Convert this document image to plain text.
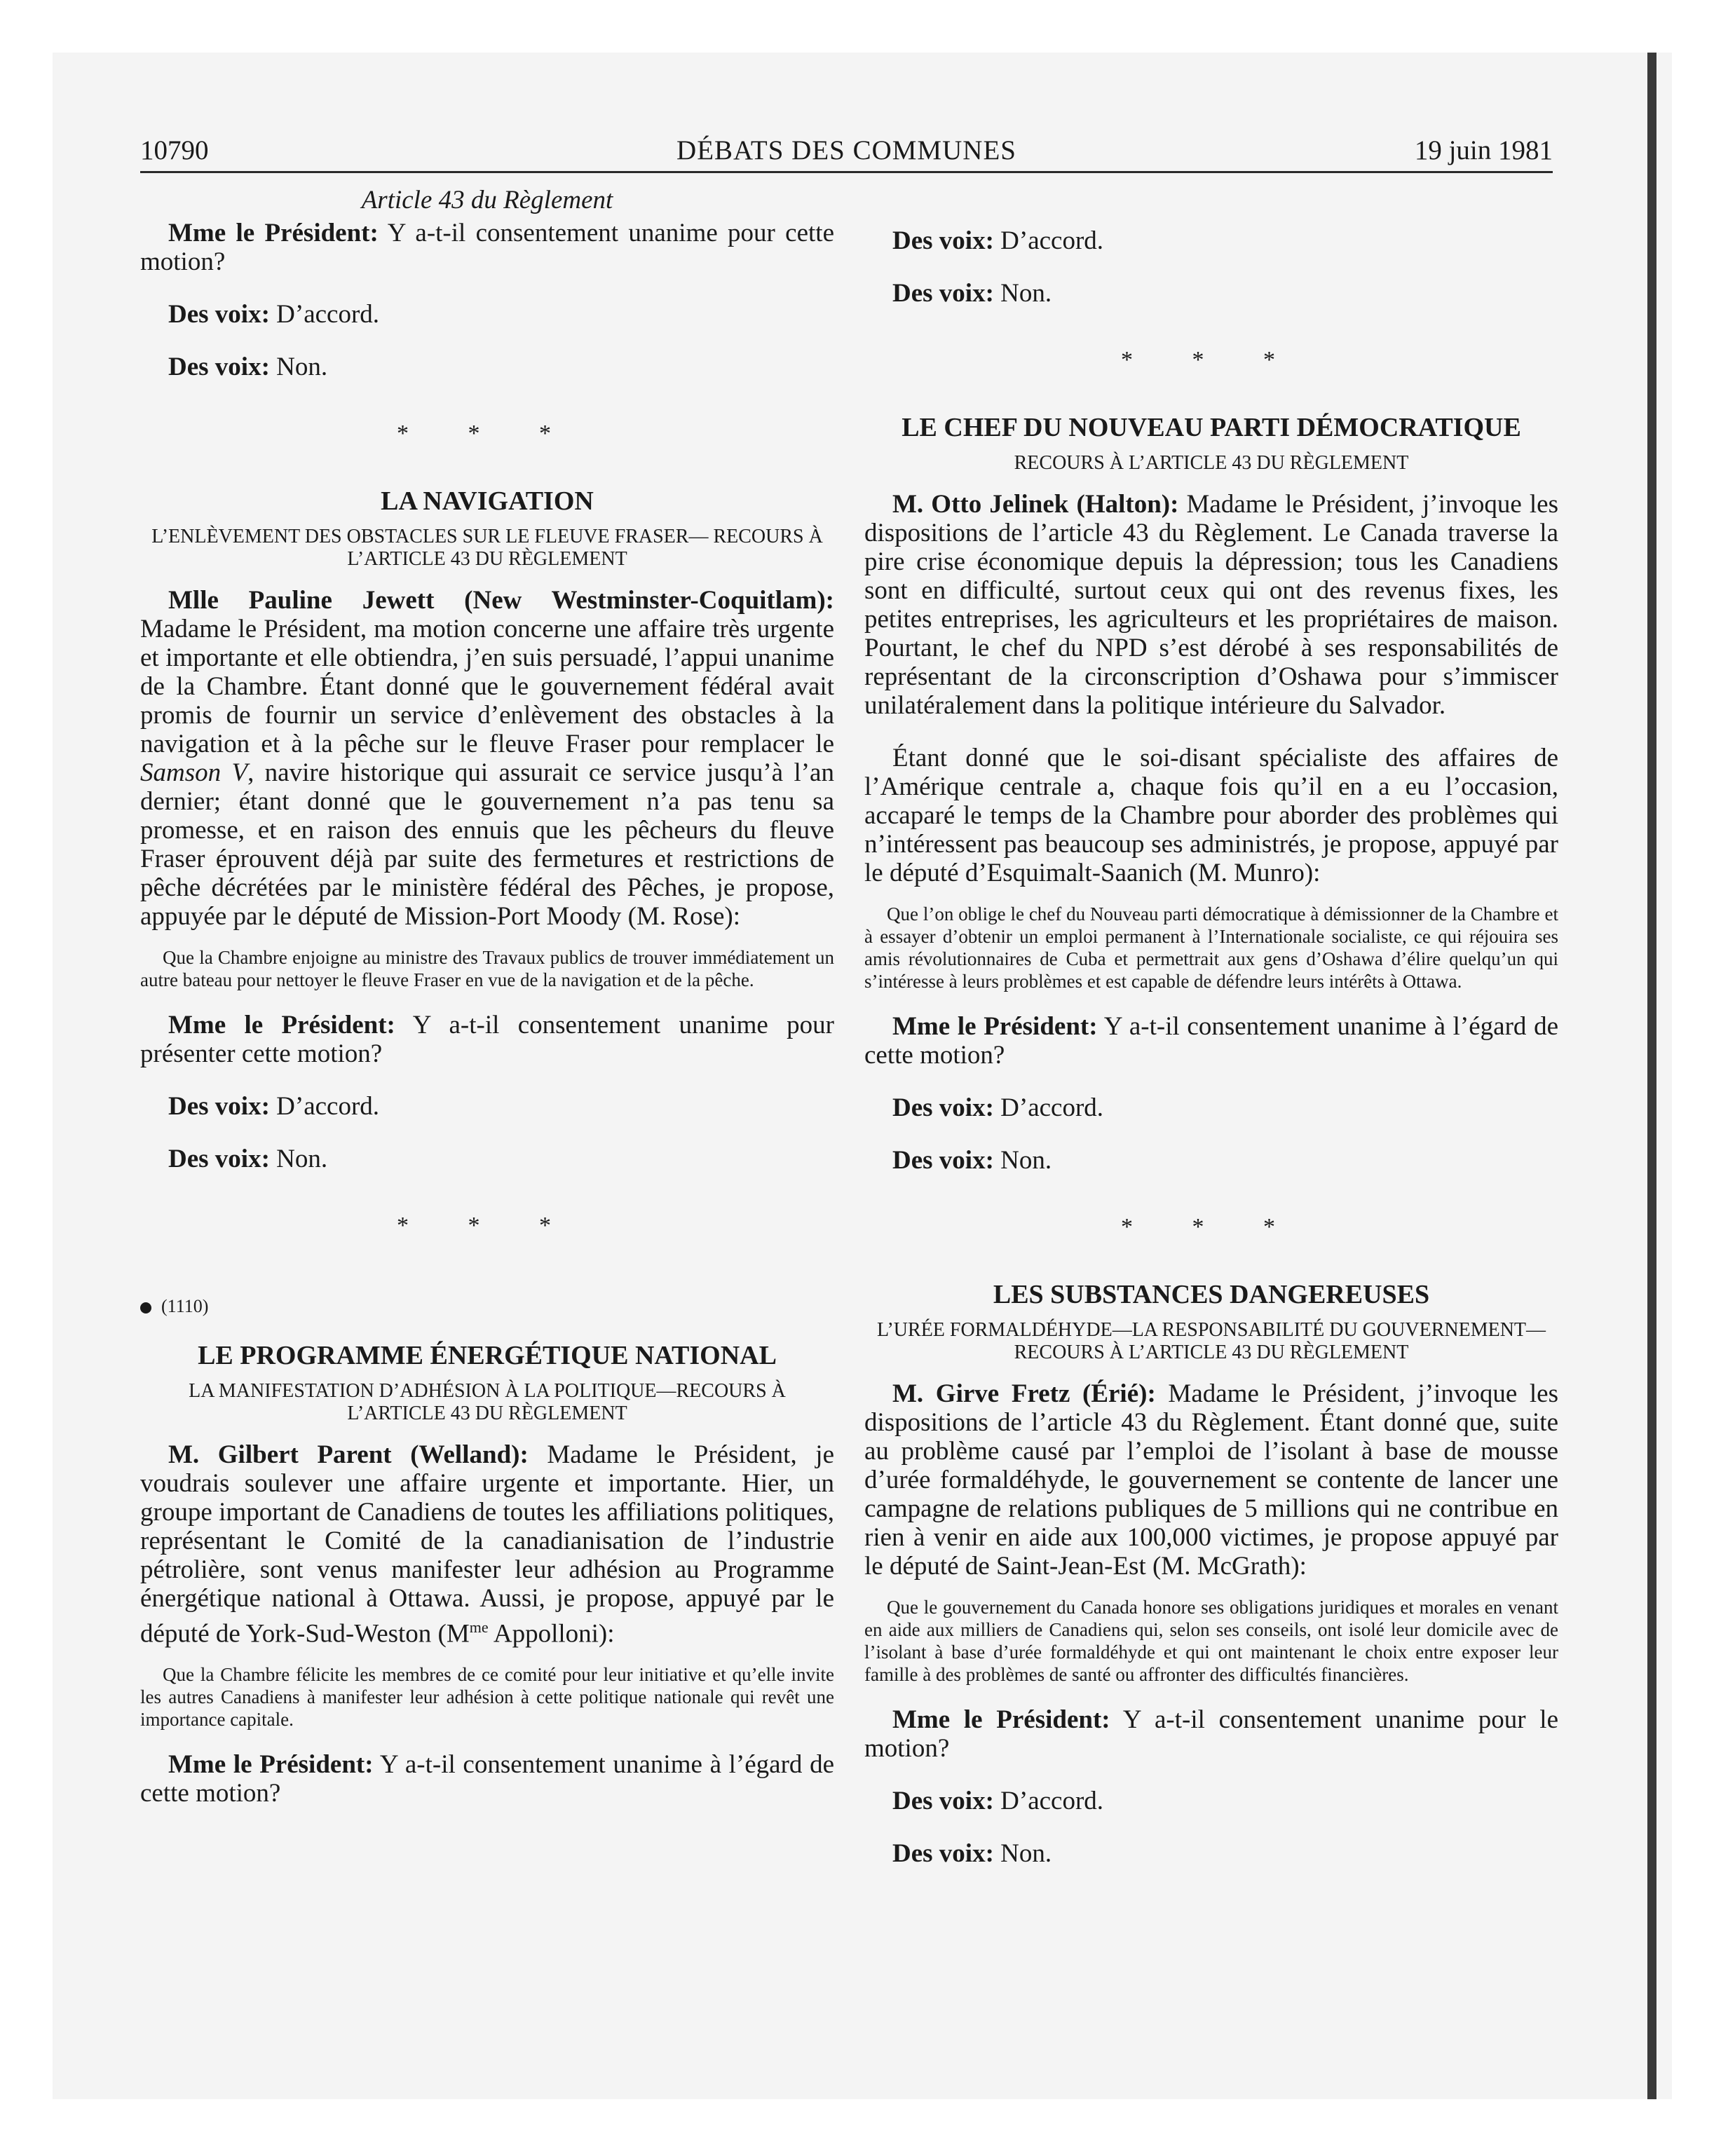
10790	DÉBATS DES COMMUNES	19 juin 1981

Article 43 du Règlement

Mme le Président: Y a-t-il consentement unanime pour cette motion?

Des voix: D’accord.

Des voix: Non.

* * *

LA NAVIGATION
L’ENLÈVEMENT DES OBSTACLES SUR LE FLEUVE FRASER— RECOURS À L’ARTICLE 43 DU RÈGLEMENT

Mlle Pauline Jewett (New Westminster-Coquitlam): Madame le Président, ma motion concerne une affaire très urgente et importante et elle obtiendra, j’en suis persuadé, l’appui unanime de la Chambre. Étant donné que le gouvernement fédéral avait promis de fournir un service d’enlèvement des obstacles à la navigation et à la pêche sur le fleuve Fraser pour remplacer le Samson V, navire historique qui assurait ce service jusqu’à l’an dernier; étant donné que le gouvernement n’a pas tenu sa promesse, et en raison des ennuis que les pêcheurs du fleuve Fraser éprouvent déjà par suite des fermetures et restrictions de pêche décrétées par le ministère fédéral des Pêches, je propose, appuyée par le député de Mission-Port Moody (M. Rose):

Que la Chambre enjoigne au ministre des Travaux publics de trouver immédiatement un autre bateau pour nettoyer le fleuve Fraser en vue de la navigation et de la pêche.

Mme le Président: Y a-t-il consentement unanime pour présenter cette motion?

Des voix: D’accord.

Des voix: Non.

* * *

(1110)

LE PROGRAMME ÉNERGÉTIQUE NATIONAL
LA MANIFESTATION D’ADHÉSION À LA POLITIQUE—RECOURS À L’ARTICLE 43 DU RÈGLEMENT

M. Gilbert Parent (Welland): Madame le Président, je voudrais soulever une affaire urgente et importante. Hier, un groupe important de Canadiens de toutes les affiliations politiques, représentant le Comité de la canadianisation de l’industrie pétrolière, sont venus manifester leur adhésion au Programme énergétique national à Ottawa. Aussi, je propose, appuyé par le député de York-Sud-Weston ($M^{me}$ Appolloni):

Que la Chambre félicite les membres de ce comité pour leur initiative et qu’elle invite les autres Canadiens à manifester leur adhésion à cette politique nationale qui revêt une importance capitale.

Mme le Président: Y a-t-il consentement unanime à l’égard de cette motion?

Des voix: D’accord.

Des voix: Non.

* * *

LE CHEF DU NOUVEAU PARTI DÉMOCRATIQUE
RECOURS À L’ARTICLE 43 DU RÈGLEMENT

M. Otto Jelinek (Halton): Madame le Président, j’invoque les dispositions de l’article 43 du Règlement. Le Canada traverse la pire crise économique depuis la dépression; tous les Canadiens sont en difficulté, surtout ceux qui ont des revenus fixes, les petites entreprises, les agriculteurs et les propriétaires de maison. Pourtant, le chef du NPD s’est dérobé à ses responsabilités de représentant de la circonscription d’Oshawa pour s’immiscer unilatéralement dans la politique intérieure du Salvador.

Étant donné que le soi-disant spécialiste des affaires de l’Amérique centrale a, chaque fois qu’il en a eu l’occasion, accaparé le temps de la Chambre pour aborder des problèmes qui n’intéressent pas beaucoup ses administrés, je propose, appuyé par le député d’Esquimalt-Saanich (M. Munro):

Que l’on oblige le chef du Nouveau parti démocratique à démissionner de la Chambre et à essayer d’obtenir un emploi permanent à l’Internationale socialiste, ce qui réjouira ses amis révolutionnaires de Cuba et permettrait aux gens d’Oshawa d’élire quelqu’un qui s’intéresse à leurs problèmes et est capable de défendre leurs intérêts à Ottawa.

Mme le Président: Y a-t-il consentement unanime à l’égard de cette motion?

Des voix: D’accord.

Des voix: Non.

* * *

LES SUBSTANCES DANGEREUSES
L’URÉE FORMALDÉHYDE—LA RESPONSABILITÉ DU GOUVERNEMENT—RECOURS À L’ARTICLE 43 DU RÈGLEMENT

M. Girve Fretz (Érié): Madame le Président, j’invoque les dispositions de l’article 43 du Règlement. Étant donné que, suite au problème causé par l’emploi de l’isolant à base de mousse d’urée formaldéhyde, le gouvernement se contente de lancer une campagne de relations publiques de 5 millions qui ne contribue en rien à venir en aide aux 100,000 victimes, je propose appuyé par le député de Saint-Jean-Est (M. McGrath):

Que le gouvernement du Canada honore ses obligations juridiques et morales en venant en aide aux milliers de Canadiens qui, selon ses conseils, ont isolé leur domicile avec de l’isolant à base d’urée formaldéhyde et qui ont maintenant le choix entre exposer leur famille à des problèmes de santé ou affronter des difficultés financières.

Mme le Président: Y a-t-il consentement unanime pour le motion?

Des voix: D’accord.

Des voix: Non.
